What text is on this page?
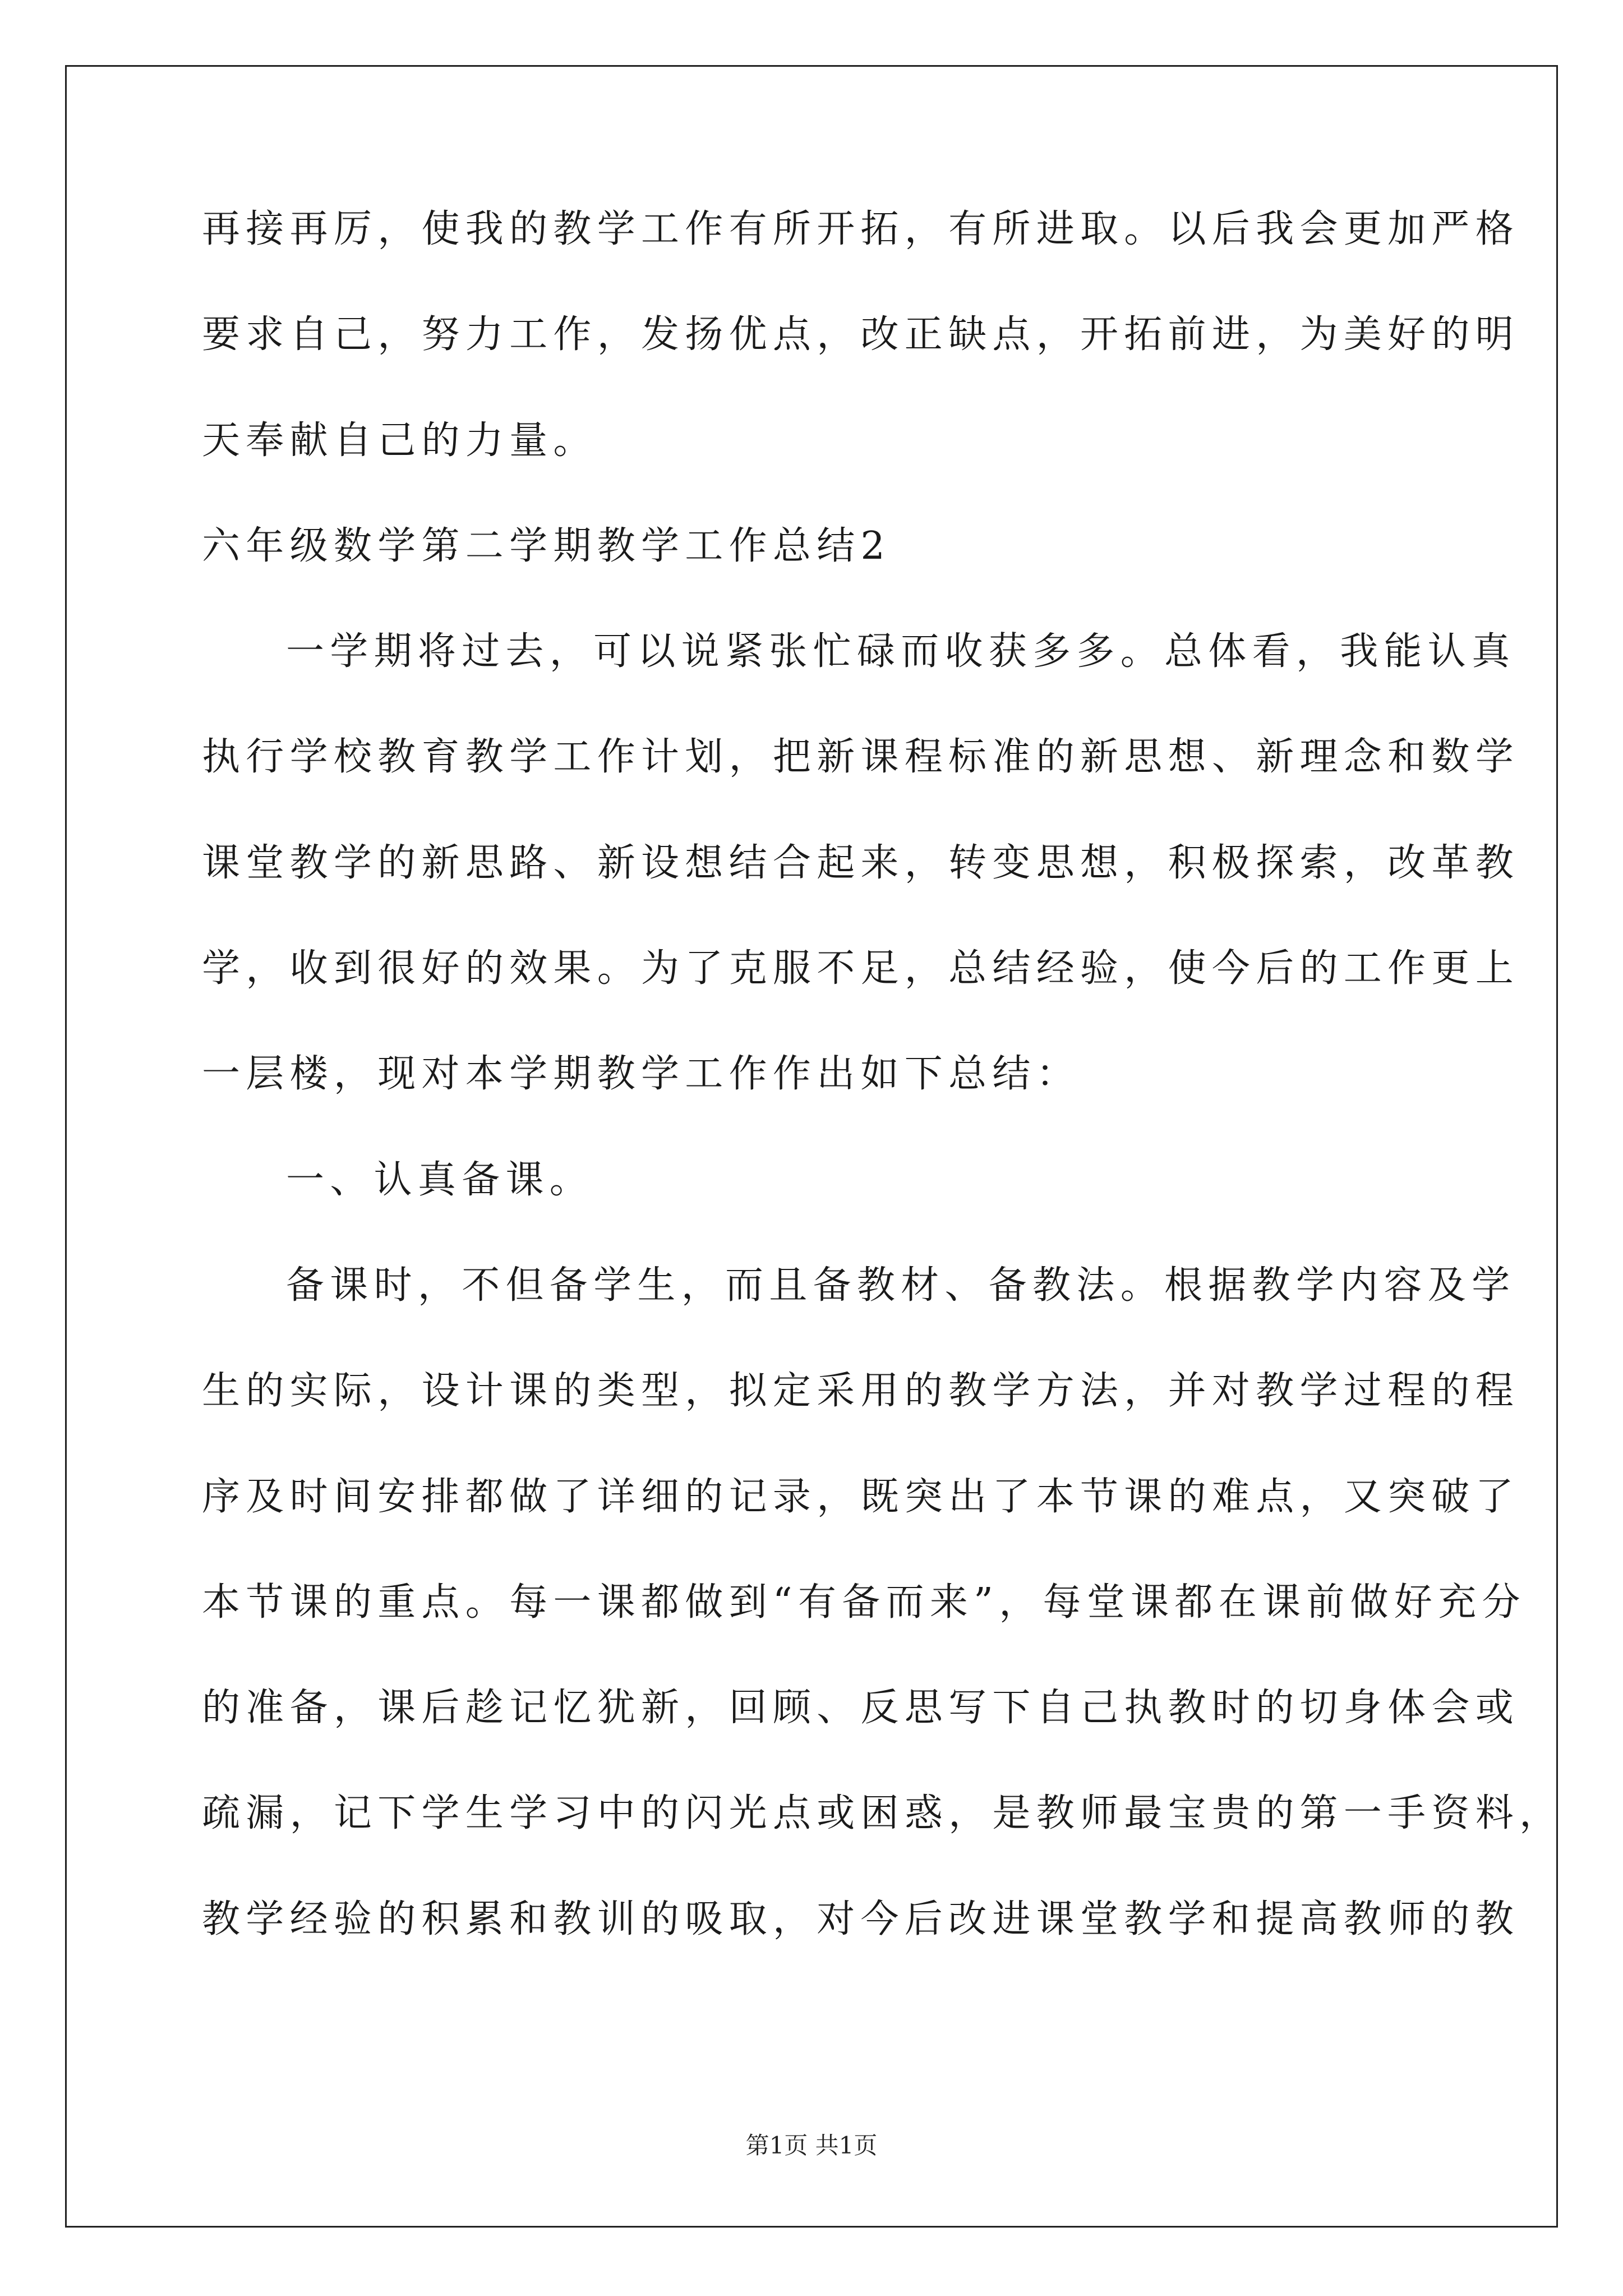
再接再厉，使我的教学工作有所开拓，有所进取。以后我会更加严格
要求自己，努力工作，发扬优点，改正缺点，开拓前进，为美好的明
天奉献自己的力量。
六年级数学第二学期教学工作总结2
一学期将过去，可以说紧张忙碌而收获多多。总体看，我能认真
执行学校教育教学工作计划，把新课程标准的新思想、新理念和数学
课堂教学的新思路、新设想结合起来，转变思想，积极探索，改革教
学，收到很好的效果。为了克服不足，总结经验，使今后的工作更上
一层楼，现对本学期教学工作作出如下总结：
一、认真备课。
备课时，不但备学生，而且备教材、备教法。根据教学内容及学
生的实际，设计课的类型，拟定采用的教学方法，并对教学过程的程
序及时间安排都做了详细的记录，既突出了本节课的难点，又突破了
本节课的重点。每一课都做到“有备而来”，每堂课都在课前做好充分
的准备，课后趁记忆犹新，回顾、反思写下自己执教时的切身体会或
疏漏，记下学生学习中的闪光点或困惑，是教师最宝贵的第一手资料，
教学经验的积累和教训的吸取，对今后改进课堂教学和提高教师的教
第1页 共1页
